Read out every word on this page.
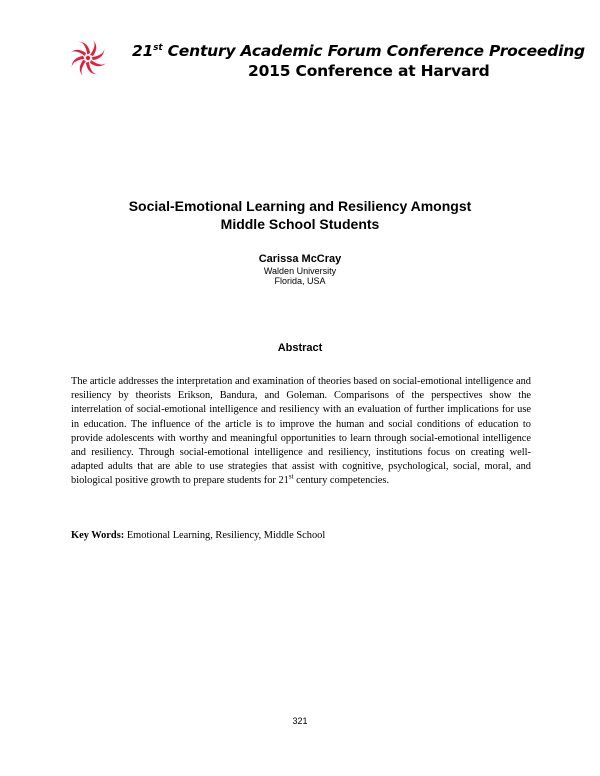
21st Century Academic Forum Conference Proceeding
2015 Conference at Harvard
Social-Emotional Learning and Resiliency Amongst
Middle School Students
Carissa McCray
Walden University
Florida, USA
Abstract
The article addresses the interpretation and examination of theories based on social-emotional intelligence and resiliency by theorists Erikson, Bandura, and Goleman. Comparisons of the perspectives show the interrelation of social-emotional intelligence and resiliency with an evaluation of further implications for use in education. The influence of the article is to improve the human and social conditions of education to provide adolescents with worthy and meaningful opportunities to learn through social-emotional intelligence and resiliency. Through social-emotional intelligence and resiliency, institutions focus on creating well-adapted adults that are able to use strategies that assist with cognitive, psychological, social, moral, and biological positive growth to prepare students for 21st century competencies.
Key Words: Emotional Learning, Resiliency, Middle School
321
